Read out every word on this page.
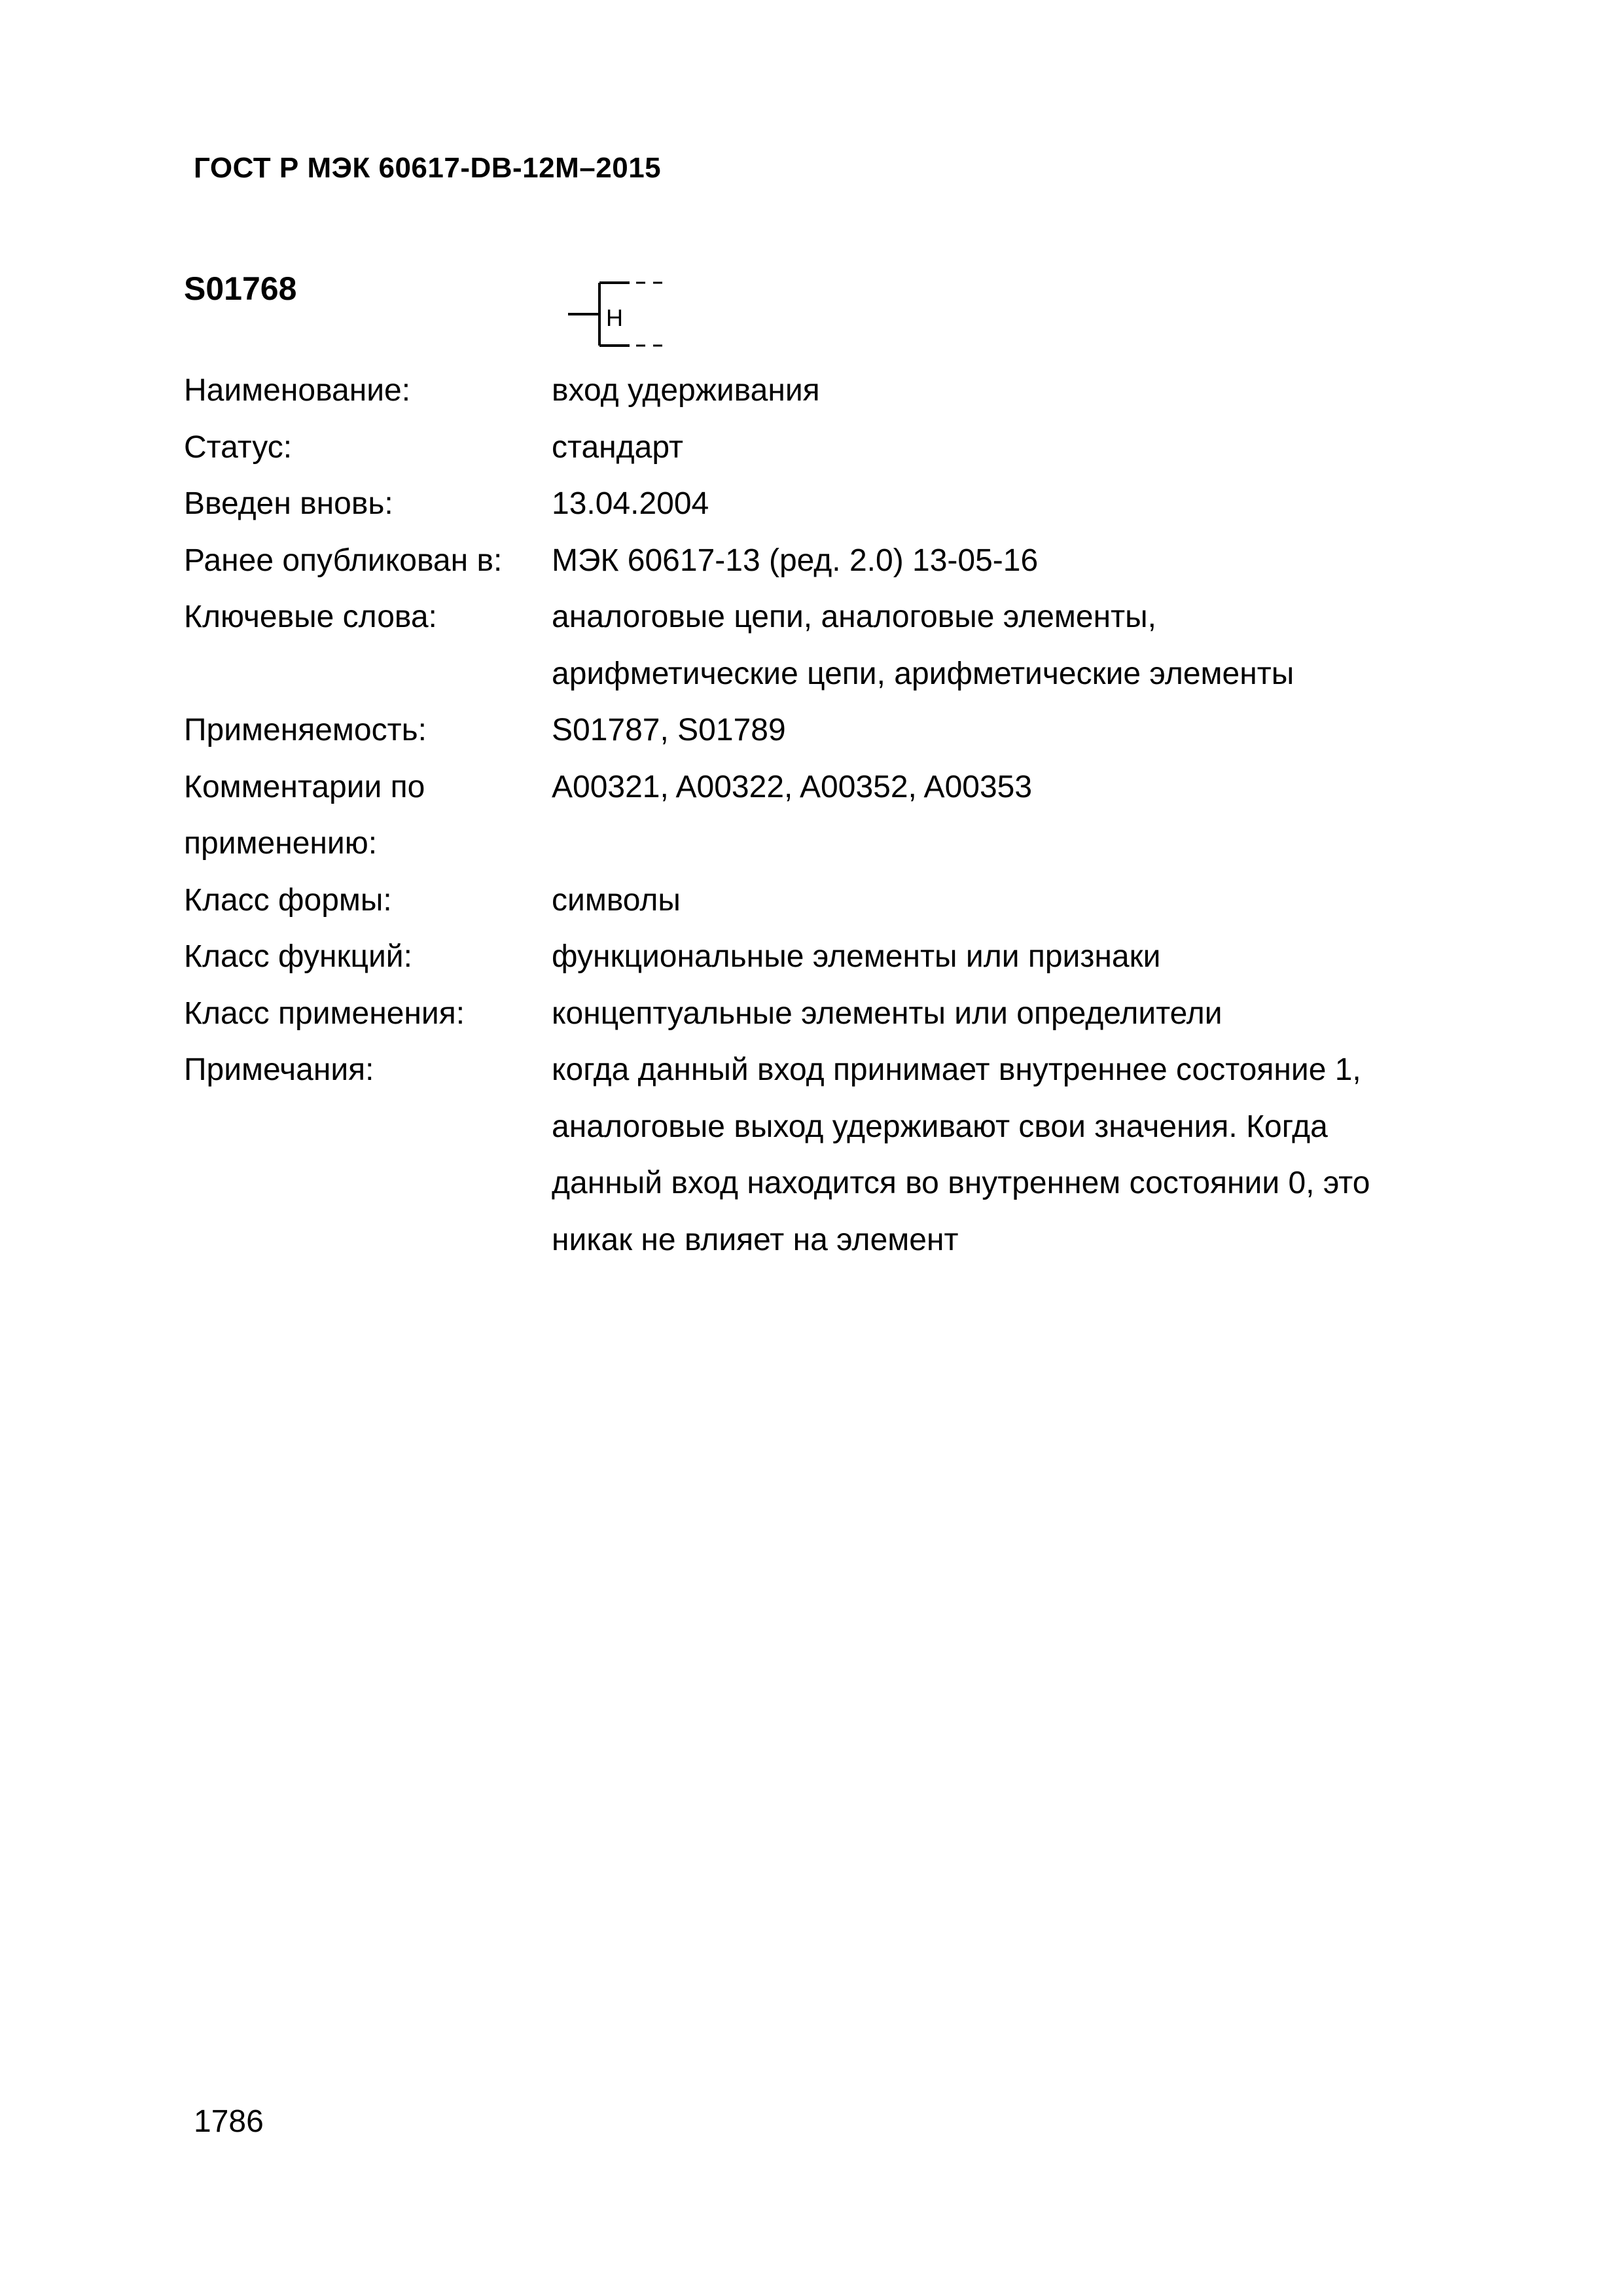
ГОСТ Р МЭК 60617-DB-12M–2015
S01768
H
Наименование:	вход удерживания
Статус:	стандарт
Введен вновь:	13.04.2004
Ранее опубликован в:	МЭК 60617-13 (ред. 2.0) 13-05-16
Ключевые слова:	аналоговые цепи, аналоговые элементы,
арифметические цепи, арифметические элементы
Применяемость:	S01787, S01789
Комментарии по применению:
A00321, A00322, A00352, A00353
Класс формы:	символы
Класс функций:	функциональные элементы или признаки
Класс применения:	концептуальные элементы или определители
Примечания:	когда данный вход принимает внутреннее состояние 1,
аналоговые выход удерживают свои значения. Когда
данный вход находится во внутреннем состоянии 0, это
никак не влияет на элемент
1786
